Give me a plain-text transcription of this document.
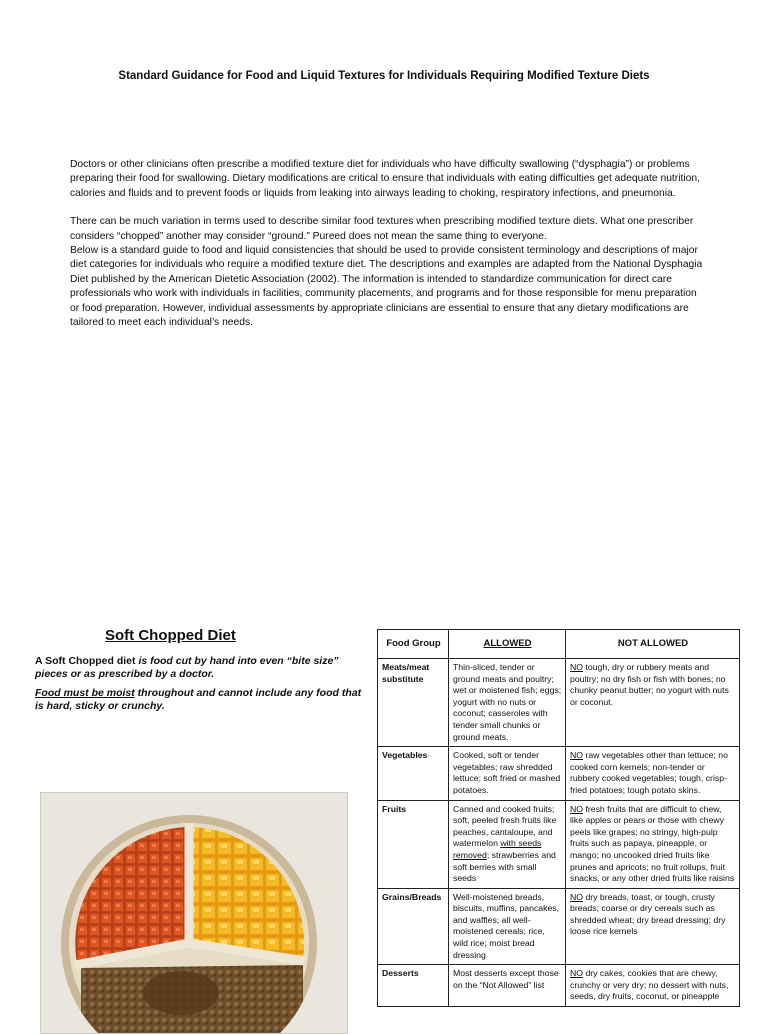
Standard Guidance for Food and Liquid Textures for Individuals Requiring Modified Texture Diets

Doctors or other clinicians often prescribe a modified texture diet for individuals who have difficulty swallowing (“dysphagia”) or problems preparing their food for swallowing. Dietary modifications are critical to ensure that individuals with eating difficulties get adequate nutrition, calories and fluids and to prevent foods or liquids from leaking into airways leading to choking, respiratory infections, and pneumonia.

There can be much variation in terms used to describe similar food textures when prescribing modified texture diets. What one prescriber considers “chopped” another may consider “ground.” Pureed does not mean the same thing to everyone.

Below is a standard guide to food and liquid consistencies that should be used to provide consistent terminology and descriptions of major diet categories for individuals who require a modified texture diet. The descriptions and examples are adapted from the National Dysphagia Diet published by the American Dietetic Association (2002). The information is intended to standardize communication for direct care professionals who work with individuals in facilities, community placements, and programs and for those responsible for menu preparation or food preparation. However, individual assessments by appropriate clinicians are essential to ensure that any dietary modifications are tailored to meet each individual’s needs.

Soft Chopped Diet

A Soft Chopped diet is food cut by hand into even “bite size” pieces or as prescribed by a doctor.

Food must be moist throughout and cannot include any food that is hard, sticky or crunchy.

Food Group	ALLOWED	NOT ALLOWED
Meats/meat substitute	Thin-sliced, tender or ground meats and poultry; wet or moistened fish; eggs; yogurt with no nuts or coconut; casseroles with tender small chunks or ground meats.	NO tough, dry or rubbery meats and poultry; no dry fish or fish with bones; no chunky peanut butter; no yogurt with nuts or coconut.
Vegetables	Cooked, soft or tender vegetables; raw shredded lettuce; soft fried or mashed potatoes.	NO raw vegetables other than lettuce; no cooked corn kernels; non-tender or rubbery cooked vegetables; tough, crisp-fried potatoes; tough potato skins.
Fruits	Canned and cooked fruits; soft, peeled fresh fruits like peaches, cantaloupe, and watermelon with seeds removed; strawberries and soft berries with small seeds	NO fresh fruits that are difficult to chew, like apples or pears or those with chewy peels like grapes; no stringy, high-pulp fruits such as papaya, pineapple, or mango; no uncooked dried fruits like prunes and apricots; no fruit rollups, fruit snacks, or any other dried fruits like raisins
Grains/Breads	Well-moistened breads, biscuits, muffins, pancakes, and waffles; all well-moistened cereals; rice, wild rice; moist bread dressing	NO dry breads, toast, or tough, crusty breads; coarse or dry cereals such as shredded wheat; dry bread dressing; dry loose rice kernels
Desserts	Most desserts except those on the “Not Allowed” list	NO dry cakes, cookies that are chewy, crunchy or very dry; no dessert with nuts, seeds, dry fruits, coconut, or pineapple
